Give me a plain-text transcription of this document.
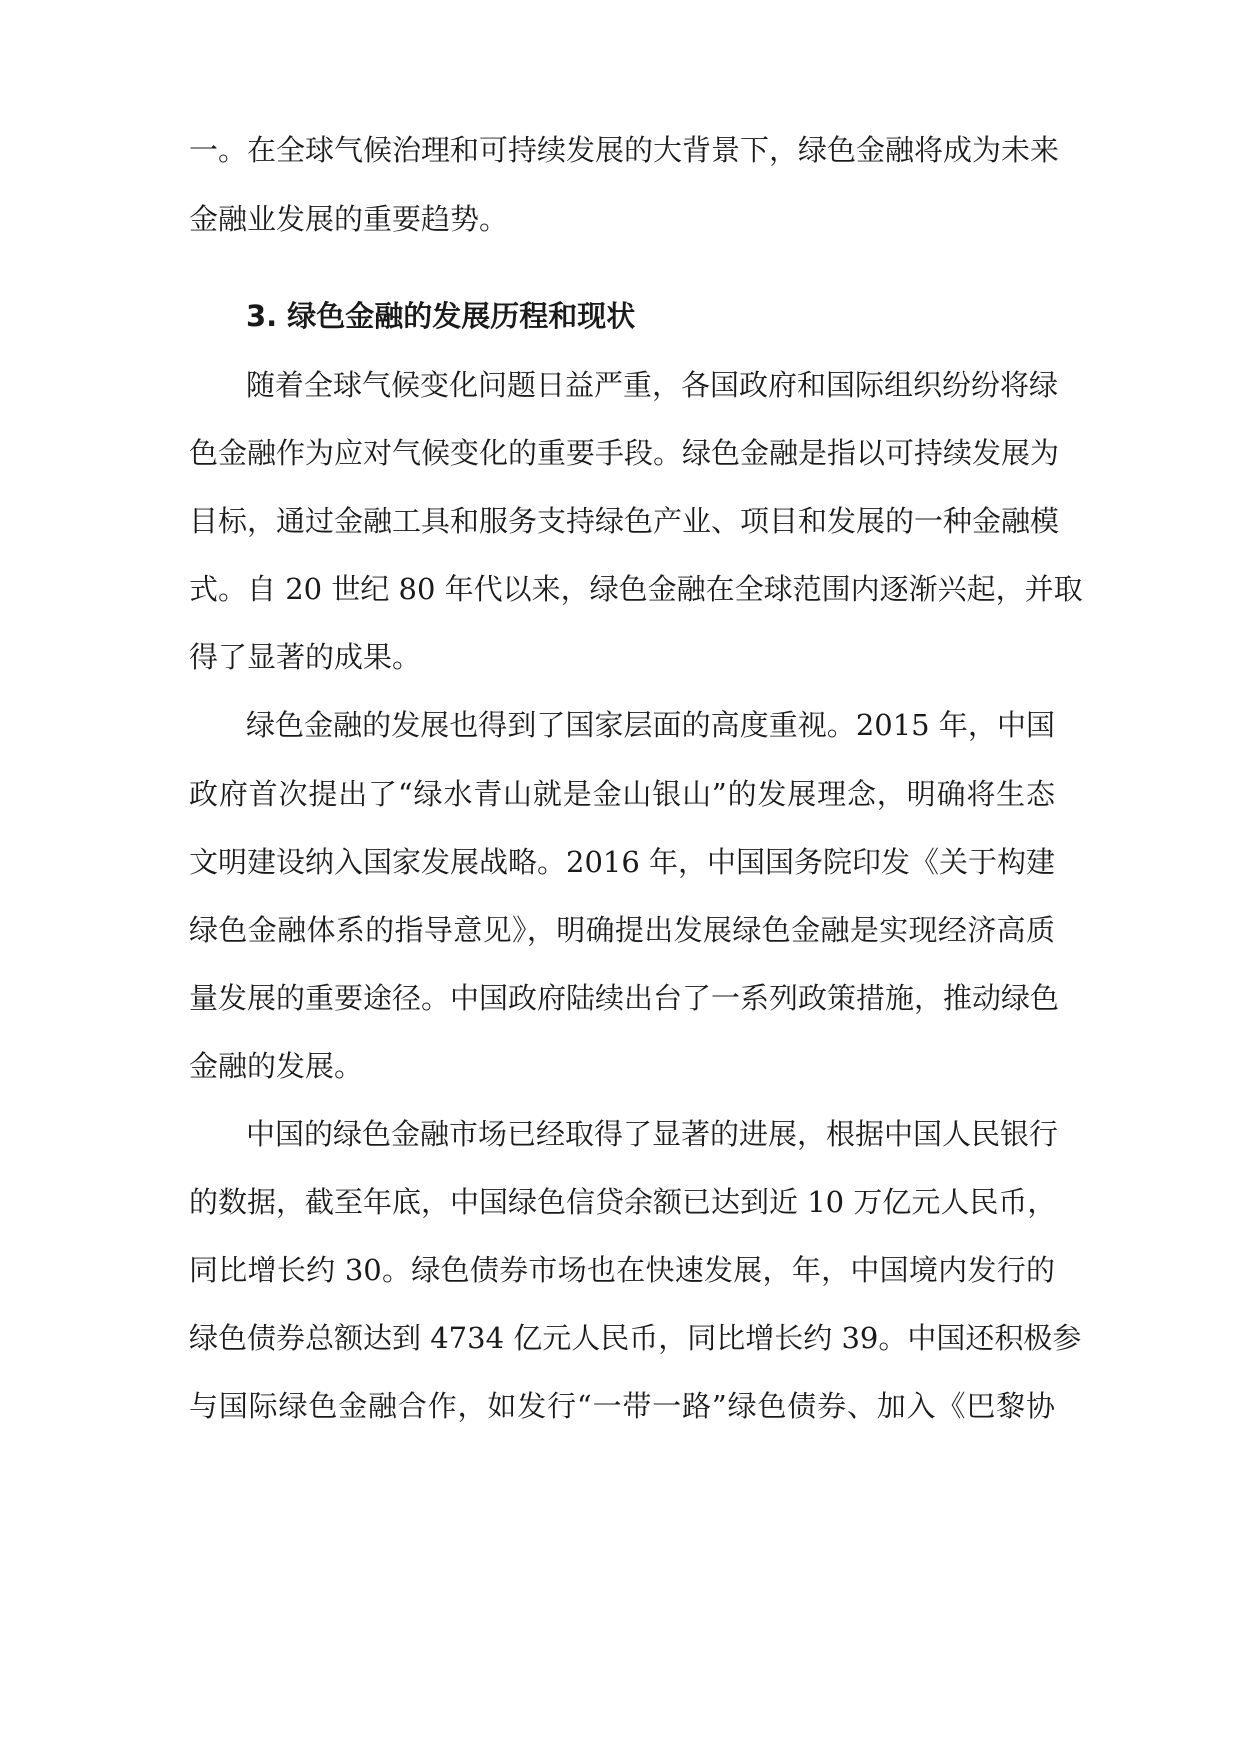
一。在全球气候治理和可持续发展的大背景下，绿色金融将成为未来
金融业发展的重要趋势。
3. 绿色金融的发展历程和现状
随着全球气候变化问题日益严重，各国政府和国际组织纷纷将绿
色金融作为应对气候变化的重要手段。绿色金融是指以可持续发展为
目标，通过金融工具和服务支持绿色产业、项目和发展的一种金融模
式。自 20 世纪 80 年代以来，绿色金融在全球范围内逐渐兴起，并取
得了显著的成果。
绿色金融的发展也得到了国家层面的高度重视。2015 年，中国
政府首次提出了“绿水青山就是金山银山”的发展理念，明确将生态
文明建设纳入国家发展战略。2016 年，中国国务院印发《关于构建
绿色金融体系的指导意见》，明确提出发展绿色金融是实现经济高质
量发展的重要途径。中国政府陆续出台了一系列政策措施，推动绿色
金融的发展。
中国的绿色金融市场已经取得了显著的进展，根据中国人民银行
的数据，截至年底，中国绿色信贷余额已达到近 10 万亿元人民币，
同比增长约 30。绿色债券市场也在快速发展，年，中国境内发行的
绿色债券总额达到 4734 亿元人民币，同比增长约 39。中国还积极参
与国际绿色金融合作，如发行“一带一路”绿色债券、加入《巴黎协
